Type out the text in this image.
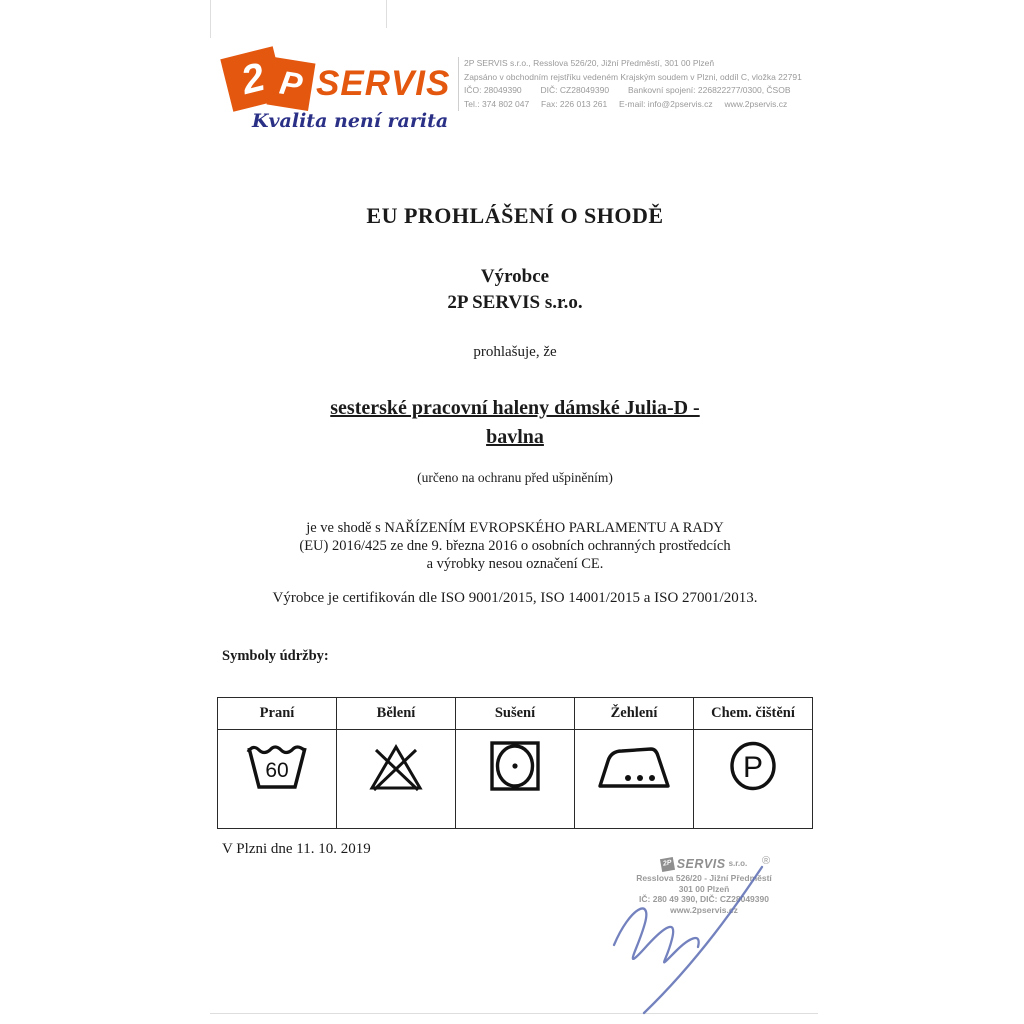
2 P SERVIS
Kvalita není rarita
2P SERVIS s.r.o., Resslova 526/20, Jižní Předměstí, 301 00 Plzeň
Zapsáno v obchodním rejstříku vedeném Krajským soudem v Plzni, oddíl C, vložka 22791
IČO: 28049390        DIČ: CZ28049390        Bankovní spojení: 226822277/0300, ČSOB
Tel.: 374 802 047     Fax: 226 013 261     E-mail: info@2pservis.cz     www.2pservis.cz
EU PROHLÁŠENÍ O SHODĚ
Výrobce
2P SERVIS s.r.o.
prohlašuje, že
sesterské pracovní haleny dámské Julia-D -
bavlna
(určeno na ochranu před ušpiněním)
je ve shodě s NAŘÍZENÍM EVROPSKÉHO PARLAMENTU A RADY
(EU) 2016/425 ze dne 9. března 2016 o osobních ochranných prostředcích
a výrobky nesou označení CE.
Výrobce je certifikován dle ISO 9001/2015, ISO 14001/2015 a ISO 27001/2013.
Symboly údržby:
Praní	Bělení	Sušení	Žehlení	Chem. čištění

60				P
V Plzni dne 11. 10. 2019
2P SERVIS s.r.o.
Resslova 526/20 - Jižní Předměstí
301 00 Plzeň
IČ: 280 49 390, DIČ: CZ28049390
www.2pservis.cz
®
